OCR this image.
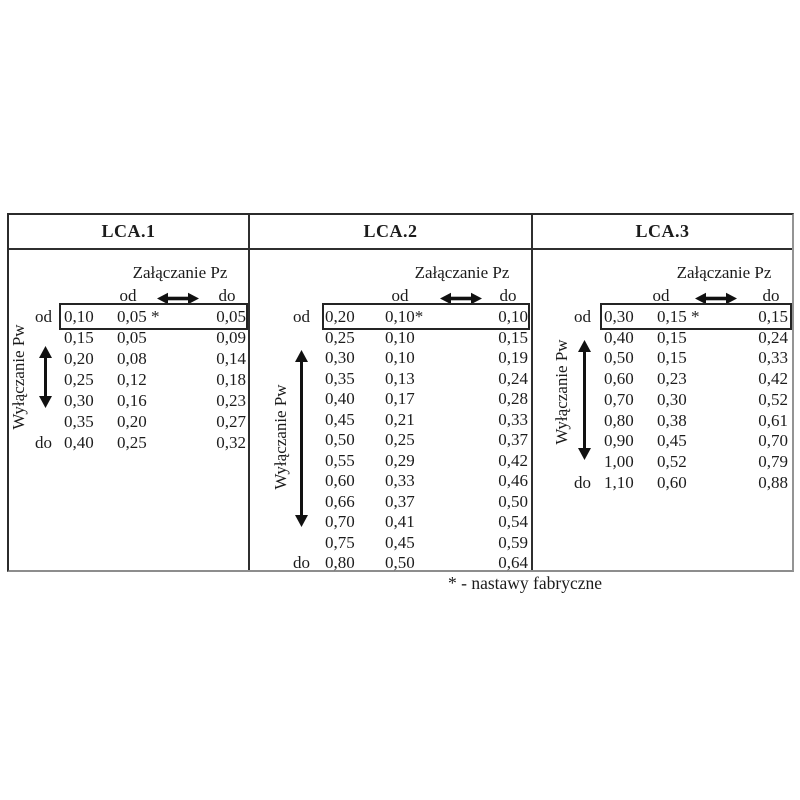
LCA.1	LCA.2	LCA.3
Załączanie Pz
od	do
od 0,10 0,05 *	0,05
0,15 0,05	0,09
0,20 0,08	0,14
0,25 0,12	0,18
0,30 0,16	0,23
0,35 0,20	0,27
do 0,40 0,25	0,32
Wyłączanie Pw
Załączanie Pz
od	do
od 0,20 0,10*	0,10
0,25 0,10	0,15
0,30 0,10	0,19
0,35 0,13	0,24
0,40 0,17	0,28
0,45 0,21	0,33
0,50 0,25	0,37
0,55 0,29	0,42
0,60 0,33	0,46
0,66 0,37	0,50
0,70 0,41	0,54
0,75 0,45	0,59
do 0,80 0,50	0,64
Wyłączanie Pw
Załączanie Pz
od	do
od 0,30 0,15 *	0,15
0,40 0,15	0,24
0,50 0,15	0,33
0,60 0,23	0,42
0,70 0,30	0,52
0,80 0,38	0,61
0,90 0,45	0,70
1,00 0,52	0,79
do 1,10 0,60	0,88
Wyłączanie Pw
* - nastawy fabryczne
